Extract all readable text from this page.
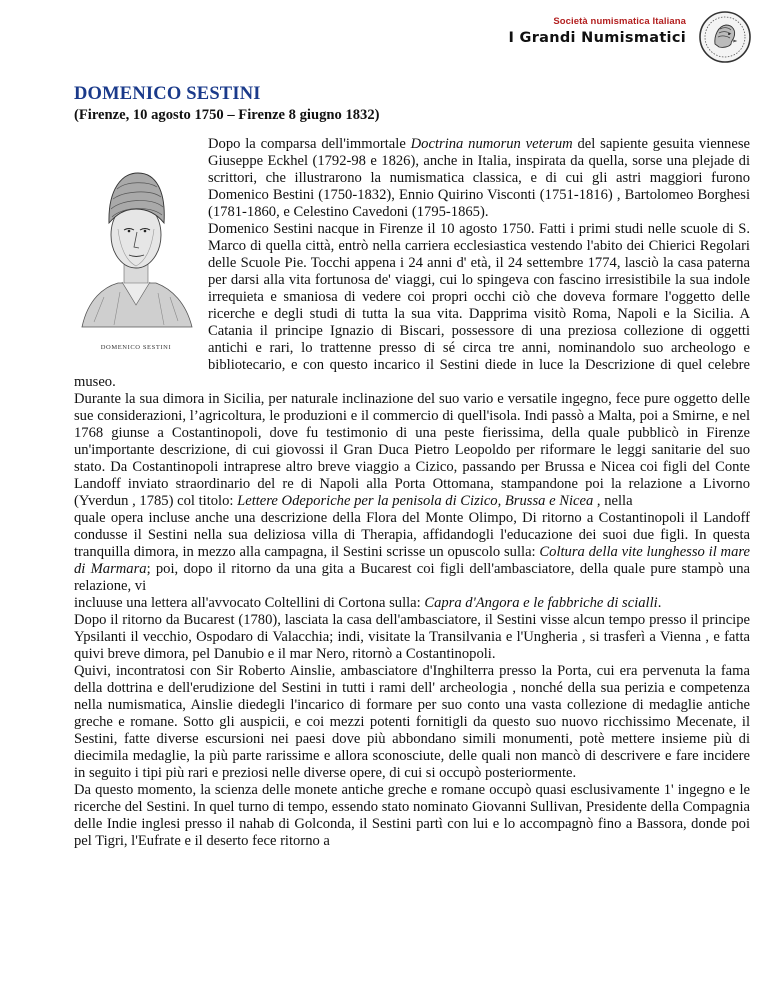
Società numismatica Italiana
I Grandi Numismatici
DOMENICO SESTINI
(Firenze, 10 agosto 1750 – Firenze 8 giugno 1832)
DOMENICO SESTINI

Dopo la comparsa dell'immortale Doctrina numorun veterum del sapiente gesuita viennese Giuseppe Eckhel (1792-98 e 1826), anche in Italia, inspirata da quella, sorse una plejade di scrittori, che illustrarono la numismatica classica, e di cui gli astri maggiori furono Domenico Bestini (1750-1832), Ennio Quirino Visconti (1751-1816) , Bartolomeo Borghesi (1781-1860, e Celestino Cavedoni (1795-1865).

Domenico Sestini nacque in Firenze il 10 agosto 1750. Fatti i primi studi nelle scuole di S. Marco di quella città, entrò nella carriera ecclesiastica vestendo l'abito dei Chierici Regolari delle Scuole Pie. Tocchi appena i 24 anni d' età, il 24 settembre 1774, lasciò la casa paterna per darsi alla vita fortunosa de' viaggi, cui lo spingeva con fascino irresistibile la sua indole irrequieta e smaniosa di vedere coi propri occhi ciò che doveva formare l'oggetto delle ricerche e degli studi di tutta la sua vita. Dapprima visitò Roma, Napoli e la Sicilia. A Catania il principe Ignazio di Biscari, possessore di una preziosa collezione di oggetti antichi e rari, lo trattenne presso di sé circa tre anni, nominandolo suo archeologo e bibliotecario, e con questo incarico il Sestini diede in luce la Descrizione di quel celebre museo.

Durante la sua dimora in Sicilia, per naturale inclinazione del suo vario e versatile ingegno, fece pure oggetto delle sue considerazioni, l’agricoltura, le produzioni e il commercio di quell'isola. Indi passò a Malta, poi a Smirne, e nel 1768 giunse a Costantinopoli, dove fu testimonio di una peste fierissima, della quale pubblicò in Firenze un'importante descrizione, di cui giovossi il Gran Duca Pietro Leopoldo per riformare le leggi sanitarie del suo stato. Da Costantinopoli intraprese altro breve viaggio a Cizico, passando per Brussa e Nicea coi figli del Conte Landoff inviato straordinario del re di Napoli alla Porta Ottomana, stampandone poi la relazione a Livorno (Yverdun , 1785) col titolo: Lettere Odeporiche per la penisola di Cizico, Brussa e Nicea , nella
quale opera incluse anche una descrizione della Flora del Monte Olimpo, Di ritorno a Costantinopoli il Landoff condusse il Sestini nella sua deliziosa villa di Therapia, affidandogli l'educazione dei suoi due figli. In questa tranquilla dimora, in mezzo alla campagna, il Sestini scrisse un opuscolo sulla: Coltura della vite lunghesso il mare di Marmara; poi, dopo il ritorno da una gita a Bucarest coi figli dell'ambasciatore, della quale pure stampò una relazione, vi
incluuse una lettera all'avvocato Coltellini di Cortona sulla: Capra d'Angora e le fabbriche di scialli.

Dopo il ritorno da Bucarest (1780), lasciata la casa dell'ambasciatore, il Sestini visse alcun tempo presso il principe Ypsilanti il vecchio, Ospodaro di Valacchia; indi, visitate la Transilvania e l'Ungheria , si trasferì a Vienna , e fatta quivi breve dimora, pel Danubio e il mar Nero, ritornò a Costantinopoli.

Quivi, incontratosi con Sir Roberto Ainslie, ambasciatore d'Inghilterra presso la Porta, cui era pervenuta la fama della dottrina e dell'erudizione del Sestini in tutti i rami dell' archeologia , nonché della sua perizia e competenza nella numismatica, Ainslie diedegli l'incarico di formare per suo conto una vasta collezione di medaglie antiche greche e romane. Sotto gli auspicii, e coi mezzi potenti fornitigli da questo suo nuovo ricchissimo Mecenate, il Sestini, fatte diverse escursioni nei paesi dove più abbondano simili monumenti, potè mettere insieme più di diecimila medaglie, la più parte rarissime e allora sconosciute, delle quali non mancò di descrivere e fare incidere in seguito i tipi più rari e preziosi nelle diverse opere, di cui si occupò posteriormente.

Da questo momento, la scienza delle monete antiche greche e romane occupò quasi esclusivamente 1' ingegno e le ricerche del Sestini. In quel turno di tempo, essendo stato nominato Giovanni Sullivan, Presidente della Compagnia delle Indie inglesi presso il nahab di Golconda, il Sestini partì con lui e lo accompagnò fino a Bassora, donde poi pel Tigri, l'Eufrate e il deserto fece ritorno a
